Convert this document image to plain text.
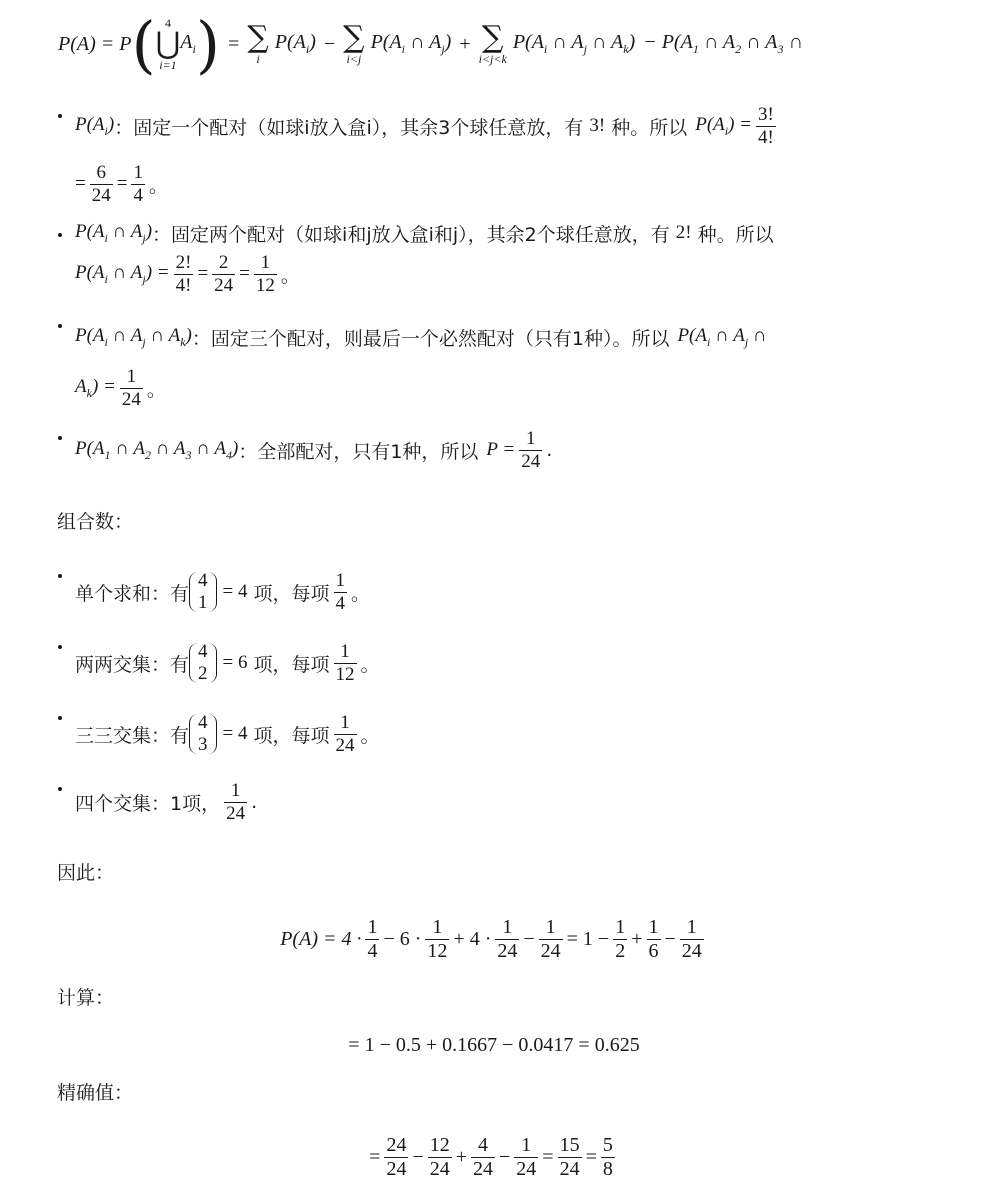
P(A) = P ( 4
⋃
i=1
$A_i$ ) = ∑
i
$P(A_i)$ − ∑
i<j
$P(A_i$ ∩ $A_j$) + ∑
i<j<k
$P(A_i$ ∩ $A_j$ ∩ $A_k) - P(A_1$ ∩ $A_2$ ∩ $A_3$ ∩
$P(A_i)$ ：固定一个配对（如球i放入盒i），其余3个球任意放，有 3! 种。所以 $P(A_i) = \frac{3!}{4!}$
= $\frac{6}{24} = \frac{1}{4}$ 。
$P(A_i$ ∩ $A_j$) ：固定两个配对（如球i和j放入盒i和j），其余2个球任意放，有 2! 种。所以
$P(A_i$ ∩ $A_j) = \frac{2!}{4!} = \frac{2}{24} = \frac{1}{12}$ 。
$P(A_i$ ∩ $A_j$ ∩ $A_k$) ：固定三个配对，则最后一个必然配对（只有1种）。所以 $P(A_i$ ∩ $A_j$ ∩
$A_k) = \frac{1}{24}$ 。
$P(A_1$ ∩ $A_2$ ∩ $A_3$ ∩ $A_4$) ：全部配对，只有1种，所以 $P = \frac{1}{24}$ .
组合数：
单个求和：有
4
1
= 4 项，每项 $\frac{1}{4}$ 。
两两交集：有
4
2
= 6 项，每项 $\frac{1}{12}$ 。
三三交集：有
4
3
= 4 项，每项 $\frac{1}{24}$ 。
四个交集：1项， $\frac{1}{24}$ .
因此：
$P(A) = 4 \cdot \frac{1}{4} - 6 \cdot \frac{1}{12} + 4 \cdot \frac{1}{24} - \frac{1}{24} = 1 - \frac{1}{2} + \frac{1}{6} - \frac{1}{24}$
计算：
= 1 − 0.5 + 0.1667 − 0.0417 = 0.625
精确值：
= $\frac{24}{24} - \frac{12}{24} + \frac{4}{24} - \frac{1}{24} = \frac{15}{24} = \frac{5}{8}$
